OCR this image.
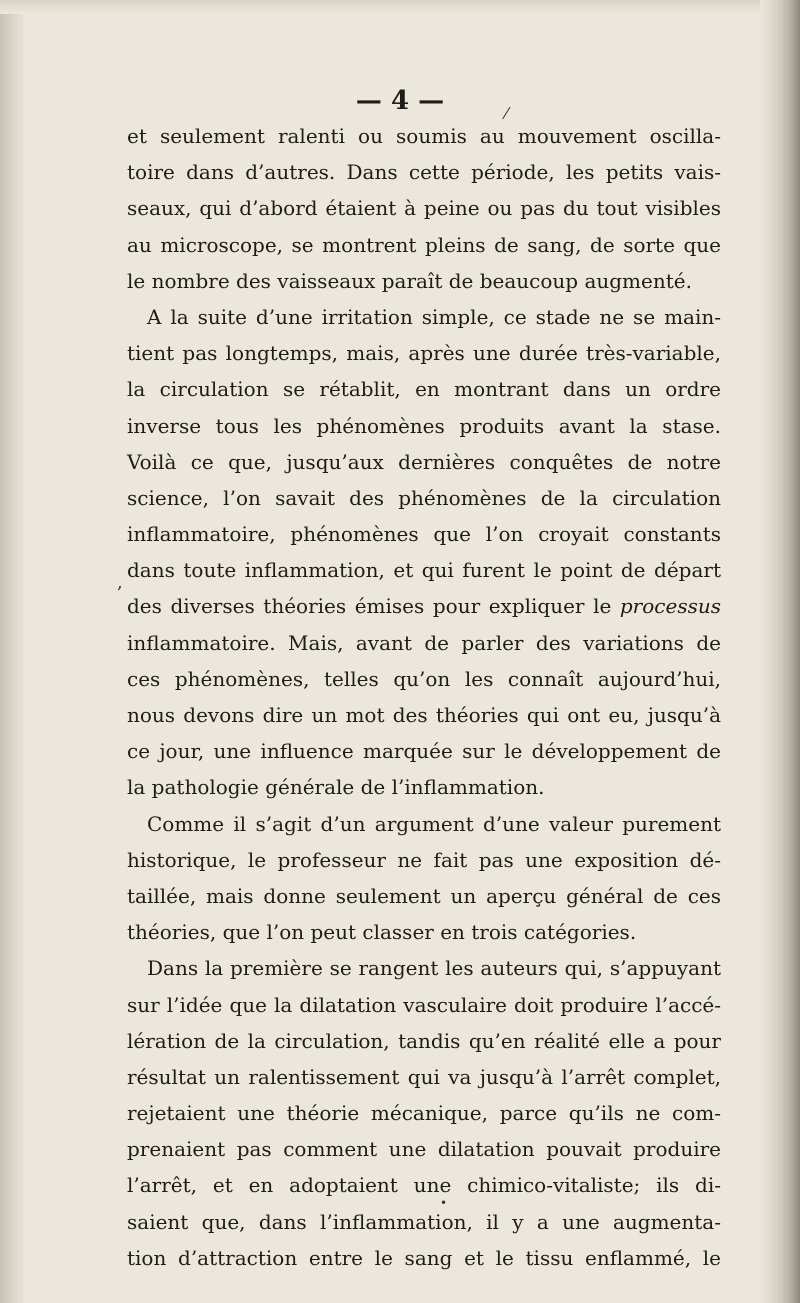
— 4 —	⁄
,
•
et seulement ralenti ou soumis au mouvement oscilla-
toire dans d’autres. Dans cette période, les petits vais-
seaux, qui d’abord étaient à peine ou pas du tout visibles
au microscope, se montrent pleins de sang, de sorte que
le nombre des vaisseaux paraît de beaucoup augmenté.
A la suite d’une irritation simple, ce stade ne se main-
tient pas longtemps, mais, après une durée très-variable,
la circulation se rétablit, en montrant dans un ordre
inverse tous les phénomènes produits avant la stase.
Voilà ce que, jusqu’aux dernières conquêtes de notre
science, l’on savait des phénomènes de la circulation
inflammatoire, phénomènes que l’on croyait constants
dans toute inflammation, et qui furent le point de départ
des diverses théories émises pour expliquer le processus
inflammatoire. Mais, avant de parler des variations de
ces phénomènes, telles qu’on les connaît aujourd’hui,
nous devons dire un mot des théories qui ont eu, jusqu’à
ce jour, une influence marquée sur le développement de
la pathologie générale de l’inflammation.
Comme il s’agit d’un argument d’une valeur purement
historique, le professeur ne fait pas une exposition dé-
taillée, mais donne seulement un aperçu général de ces
théories, que l’on peut classer en trois catégories.
Dans la première se rangent les auteurs qui, s’appuyant
sur l’idée que la dilatation vasculaire doit produire l’accé-
lération de la circulation, tandis qu’en réalité elle a pour
résultat un ralentissement qui va jusqu’à l’arrêt complet,
rejetaient une théorie mécanique, parce qu’ils ne com-
prenaient pas comment une dilatation pouvait produire
l’arrêt, et en adoptaient une chimico-vitaliste; ils di-
saient que, dans l’inflammation, il y a une augmenta-
tion d’attraction entre le sang et le tissu enflammé, le
